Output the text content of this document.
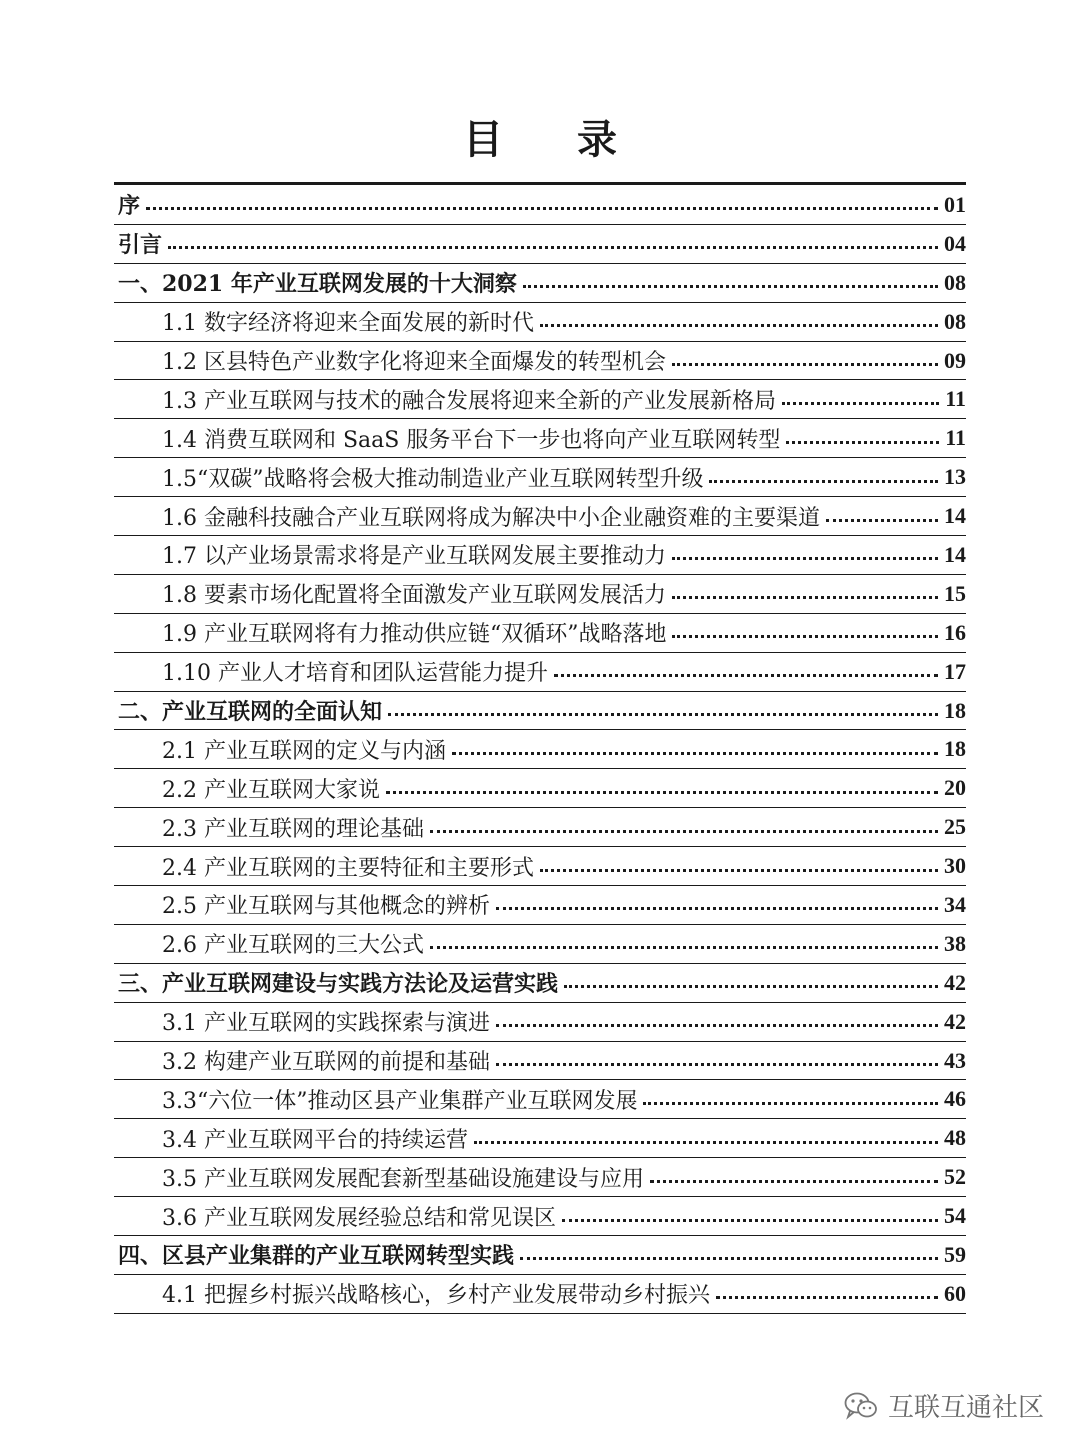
目 录
序	01
引言	04
一、2021 年产业互联网发展的十大洞察	08
1.1 数字经济将迎来全面发展的新时代	08
1.2 区县特色产业数字化将迎来全面爆发的转型机会	09
1.3 产业互联网与技术的融合发展将迎来全新的产业发展新格局	11
1.4 消费互联网和 SaaS 服务平台下一步也将向产业互联网转型	11
1.5“双碳”战略将会极大推动制造业产业互联网转型升级	13
1.6 金融科技融合产业互联网将成为解决中小企业融资难的主要渠道	14
1.7 以产业场景需求将是产业互联网发展主要推动力	14
1.8 要素市场化配置将全面激发产业互联网发展活力	15
1.9 产业互联网将有力推动供应链“双循环”战略落地	16
1.10 产业人才培育和团队运营能力提升	17
二、产业互联网的全面认知	18
2.1 产业互联网的定义与内涵	18
2.2 产业互联网大家说	20
2.3 产业互联网的理论基础	25
2.4 产业互联网的主要特征和主要形式	30
2.5 产业互联网与其他概念的辨析	34
2.6 产业互联网的三大公式	38
三、产业互联网建设与实践方法论及运营实践	42
3.1 产业互联网的实践探索与演进	42
3.2 构建产业互联网的前提和基础	43
3.3“六位一体”推动区县产业集群产业互联网发展	46
3.4 产业互联网平台的持续运营	48
3.5 产业互联网发展配套新型基础设施建设与应用	52
3.6 产业互联网发展经验总结和常见误区	54
四、区县产业集群的产业互联网转型实践	59
4.1 把握乡村振兴战略核心，乡村产业发展带动乡村振兴	60
互联互通社区
